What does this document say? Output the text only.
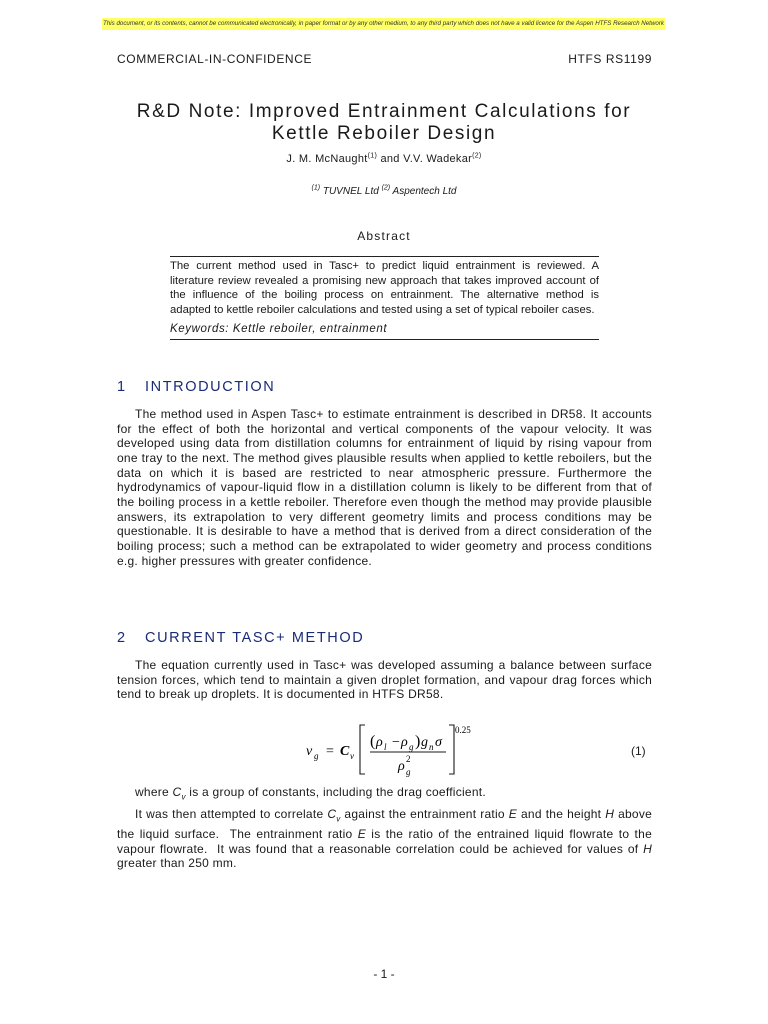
This document, or its contents, cannot be communicated electronically, in paper format or by any other medium, to any third party which does not have a valid licence for the Aspen HTFS Research Network
COMMERCIAL-IN-CONFIDENCE	HTFS RS1199
R&D Note: Improved Entrainment Calculations for
Kettle Reboiler Design
J. M. McNaught$^{(1)}$ and V.V. Wadekar$^{(2)}$
$^{(1)}$ TUVNEL Ltd $^{(2)}$ Aspentech Ltd
Abstract
The current method used in Tasc+ to predict liquid entrainment is reviewed. A literature review revealed a promising new approach that takes improved account of the influence of the boiling process on entrainment. The alternative method is adapted to kettle reboiler calculations and tested using a set of typical reboiler cases.
Keywords: Kettle reboiler, entrainment
1 INTRODUCTION
The method used in Aspen Tasc+ to estimate entrainment is described in DR58. It accounts for the effect of both the horizontal and vertical components of the vapour velocity. It was developed using data from distillation columns for entrainment of liquid by rising vapour from one tray to the next. The method gives plausible results when applied to kettle reboilers, but the data on which it is based are restricted to near atmospheric pressure. Furthermore the hydrodynamics of vapour-liquid flow in a distillation column is likely to be different from that of the boiling process in a kettle reboiler. Therefore even though the method may provide plausible answers, its extrapolation to very different geometry limits and process conditions may be questionable. It is desirable to have a method that is derived from a direct consideration of the boiling process; such a method can be extrapolated to wider geometry and process conditions e.g. higher pressures with greater confidence.
2 CURRENT TASC+ METHOD
The equation currently used in Tasc+ was developed assuming a balance between surface tension forces, which tend to maintain a given droplet formation, and vapour drag forces which tend to break up droplets. It is documented in HTFS DR58.
v g = C v
( ρ l − ρ g ) g n σ
ρ 2
g
0.25
(1)
where $C_v$ is a group of constants, including the drag coefficient.
It was then attempted to correlate $C_v$ against the entrainment ratio E and the height H above the liquid surface.  The entrainment ratio E is the ratio of the entrained liquid flowrate to the vapour flowrate.  It was found that a reasonable correlation could be achieved for values of H greater than 250 mm.
- 1 -
